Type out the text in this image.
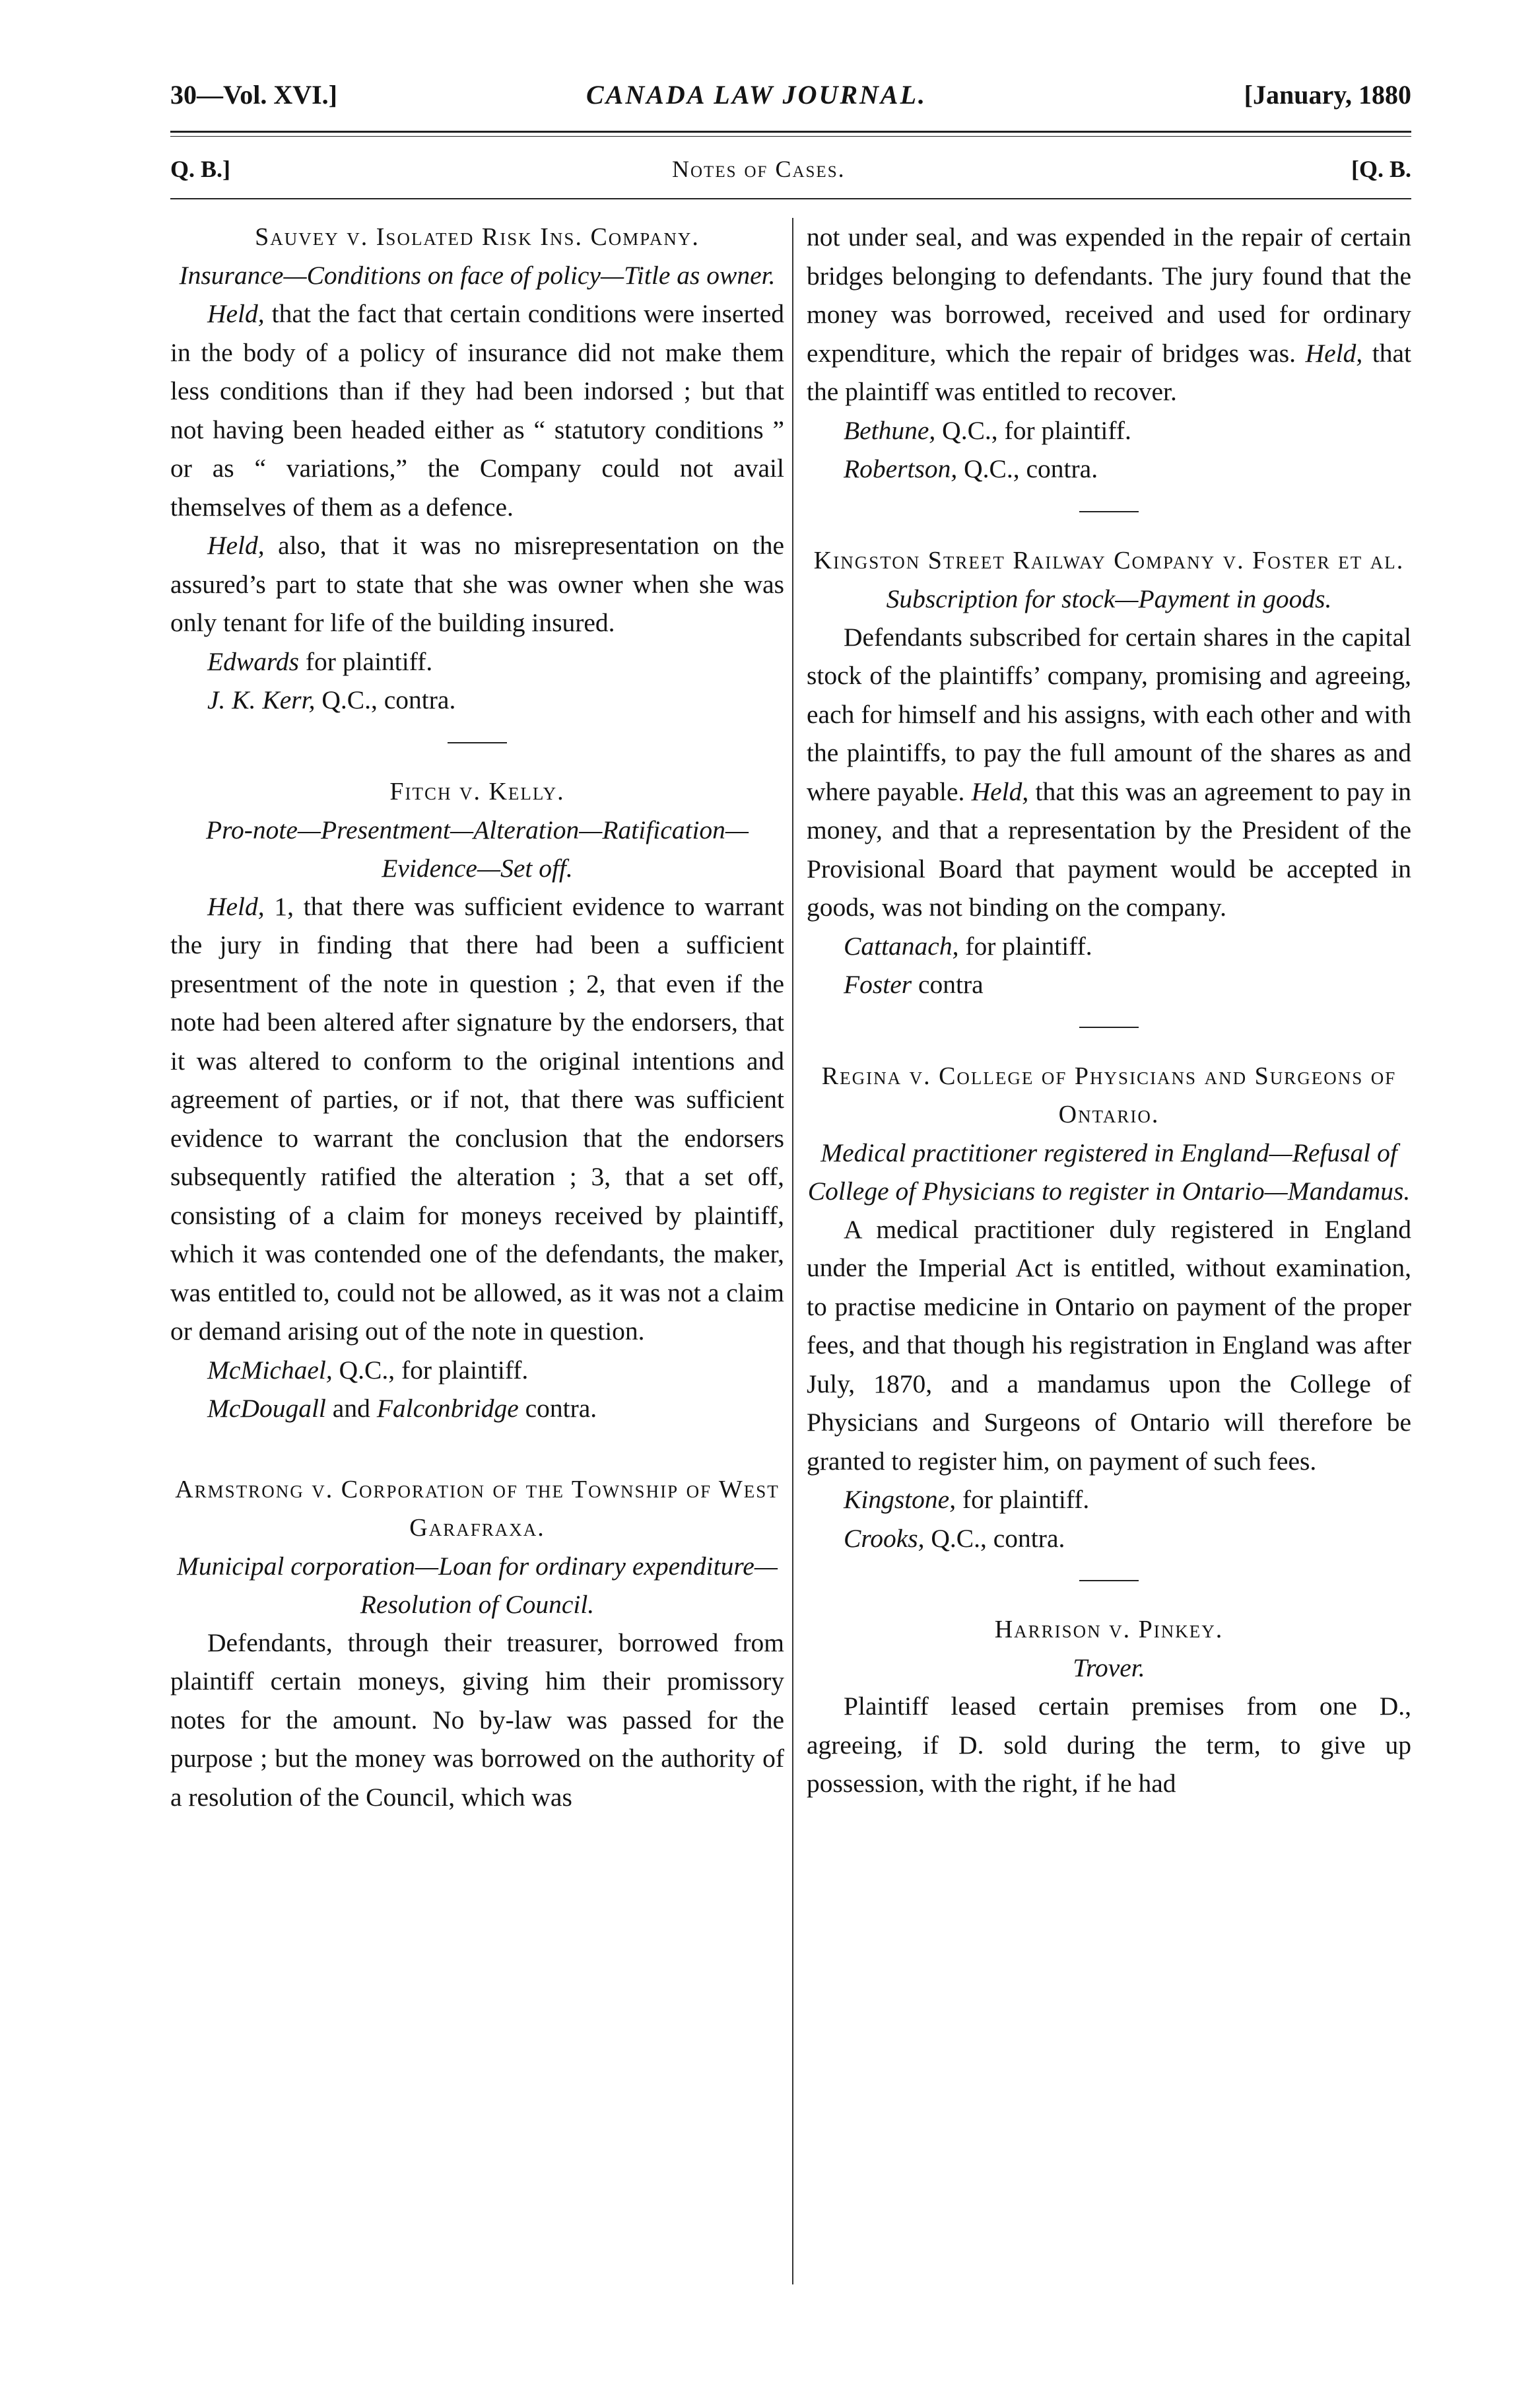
30—Vol. XVI.]	CANADA LAW JOURNAL.	[January, 1880
Q. B.]	Notes of Cases.	[Q. B.

Sauvey v. Isolated Risk Ins. Company.

Insurance—Conditions on face of policy—Title as owner.

Held, that the fact that certain conditions were inserted in the body of a policy of insurance did not make them less conditions than if they had been indorsed ; but that not having been headed either as “ statutory conditions ” or as “ variations,” the Company could not avail themselves of them as a defence.

Held, also, that it was no misrepresentation on the assured’s part to state that she was owner when she was only tenant for life of the building insured.

Edwards for plaintiff.

J. K. Kerr, Q.C., contra.

Fitch v. Kelly.

Pro-note—Presentment—Alteration—Ratification—Evidence—Set off.

Held, 1, that there was sufficient evidence to warrant the jury in finding that there had been a sufficient presentment of the note in question ; 2, that even if the note had been altered after signature by the endorsers, that it was altered to conform to the original intentions and agreement of parties, or if not, that there was sufficient evidence to warrant the conclusion that the endorsers subsequently ratified the alteration ; 3, that a set off, consisting of a claim for moneys received by plaintiff, which it was contended one of the defendants, the maker, was entitled to, could not be allowed, as it was not a claim or demand arising out of the note in question.

McMichael, Q.C., for plaintiff.

McDougall and Falconbridge contra.

Armstrong v. Corporation of the Township of West Garafraxa.

Municipal corporation—Loan for ordinary expenditure—Resolution of Council.

Defendants, through their treasurer, borrowed from plaintiff certain moneys, giving him their promissory notes for the amount. No by-law was passed for the purpose ; but the money was borrowed on the authority of a resolution of the Council, which was

not under seal, and was expended in the repair of certain bridges belonging to defendants. The jury found that the money was borrowed, received and used for ordinary expenditure, which the repair of bridges was. Held, that the plaintiff was entitled to recover.

Bethune, Q.C., for plaintiff.

Robertson, Q.C., contra.

Kingston Street Railway Company v. Foster et al.

Subscription for stock—Payment in goods.

Defendants subscribed for certain shares in the capital stock of the plaintiffs’ company, promising and agreeing, each for himself and his assigns, with each other and with the plaintiffs, to pay the full amount of the shares as and where payable. Held, that this was an agreement to pay in money, and that a representation by the President of the Provisional Board that payment would be accepted in goods, was not binding on the company.

Cattanach, for plaintiff.

Foster contra

Regina v. College of Physicians and Surgeons of Ontario.

Medical practitioner registered in England—Refusal of College of Physicians to register in Ontario—Mandamus.

A medical practitioner duly registered in England under the Imperial Act is entitled, without examination, to practise medicine in Ontario on payment of the proper fees, and that though his registration in England was after July, 1870, and a mandamus upon the College of Physicians and Surgeons of Ontario will therefore be granted to register him, on payment of such fees.

Kingstone, for plaintiff.

Crooks, Q.C., contra.

Harrison v. Pinkey.

Trover.

Plaintiff leased certain premises from one D., agreeing, if D. sold during the term, to give up possession, with the right, if he had
